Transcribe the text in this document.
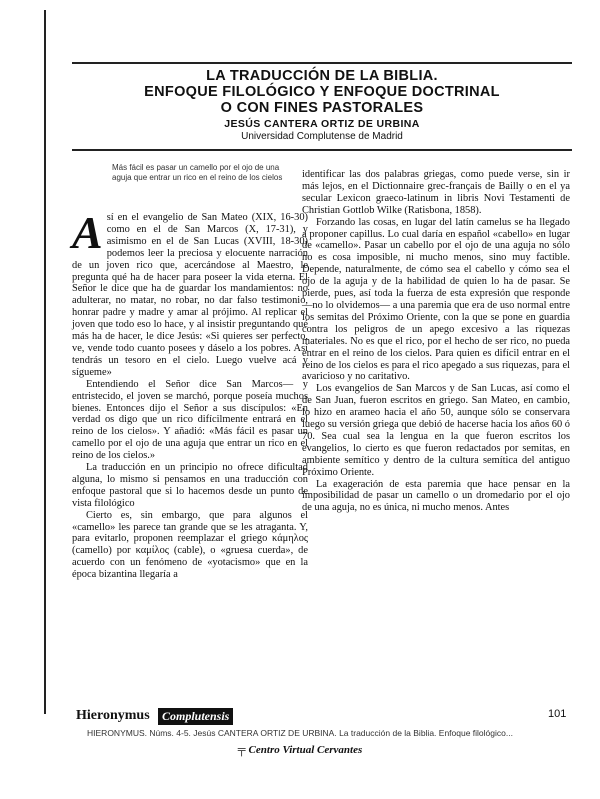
LA TRADUCCIÓN DE LA BIBLIA.
ENFOQUE FILOLÓGICO Y ENFOQUE DOCTRINAL
O CON FINES PASTORALES
JESÚS CANTERA ORTIZ DE URBINA
Universidad Complutense de Madrid
Más fácil es pasar un camello por el ojo de una aguja que entrar un rico en el reino de los cielos

Así en el evangelio de San Mateo (XIX, 16-30) como en el de San Marcos (X, 17-31), y asimismo en el de San Lucas (XVIII, 18-30) podemos leer la preciosa y elocuente narración de un joven rico que, acercándose al Maestro, le pregunta qué ha de hacer para poseer la vida eterna. El Señor le dice que ha de guardar los mandamientos: no adulterar, no matar, no robar, no dar falso testimonio, honrar padre y madre y amar al prójimo. Al replicar el joven que todo eso lo hace, y al insistir preguntando qué más ha de hacer, le dice Jesús: «Si quieres ser perfecto, ve, vende todo cuanto posees y dáselo a los pobres. Así tendrás un tesoro en el cielo. Luego vuelve acá y sígueme»

Entendiendo el Señor dice San Marcos— y entristecido, el joven se marchó, porque poseía muchos bienes. Entonces dijo el Señor a sus discípulos: «En verdad os digo que un rico difícilmente entrará en el reino de los cielos». Y añadió: «Más fácil es pasar un camello por el ojo de una aguja que entrar un rico en el reino de los cielos.»

La traducción en un principio no ofrece dificultad alguna, lo mismo si pensamos en una traducción con enfoque pastoral que si lo hacemos desde un punto de vista filológico

Cierto es, sin embargo, que para algunos el «camello» les parece tan grande que se les atraganta. Y, para evitarlo, proponen reemplazar el griego κάμηλος (camello) por καμίλος (cable), o «gruesa cuerda», de acuerdo con un fenómeno de «yotacismo» que en la época bizantina llegaría a

identificar las dos palabras griegas, como puede verse, sin ir más lejos, en el Dictionnaire grec-français de Bailly o en el ya secular Lexicon graeco-latinum in libris Novi Testamenti de Christian Gottlob Wilke (Ratisbona, 1858).

Forzando las cosas, en lugar del latín camelus se ha llegado a proponer capillus. Lo cual daría en español «cabello» en lugar de «camello». Pasar un cabello por el ojo de una aguja no sólo no es cosa imposible, ni mucho menos, sino muy factible. Depende, naturalmente, de cómo sea el cabello y cómo sea el ojo de la aguja y de la habilidad de quien lo ha de pasar. Se pierde, pues, así toda la fuerza de esta expresión que responde —no lo olvidemos— a una paremia que era de uso normal entre los semitas del Próximo Oriente, con la que se pone en guardia contra los peligros de un apego excesivo a las riquezas materiales. No es que el rico, por el hecho de ser rico, no pueda entrar en el reino de los cielos. Para quien es difícil entrar en el reino de los cielos es para el rico apegado a sus riquezas, para el avaricioso y no caritativo.

Los evangelios de San Marcos y de San Lucas, así como el de San Juan, fueron escritos en griego. San Mateo, en cambio, lo hizo en arameo hacia el año 50, aunque sólo se conservara luego su versión griega que debió de hacerse hacia los años 60 ó 70. Sea cual sea la lengua en la que fueron escritos los evangelios, lo cierto es que fueron redactados por semitas, en ambiente semítico y dentro de la cultura semítica del antiguo Próximo Oriente.

La exageración de esta paremia que hace pensar en la imposibilidad de pasar un camello o un dromedario por el ojo de una aguja, no es única, ni mucho menos. Antes

Hieronymus	Complutensis	101
HIERONYMUS. Núms. 4-5. Jesús CANTERA ORTIZ DE URBINA. La traducción de la Biblia. Enfoque filológico...
╤ Centro Virtual Cervantes
